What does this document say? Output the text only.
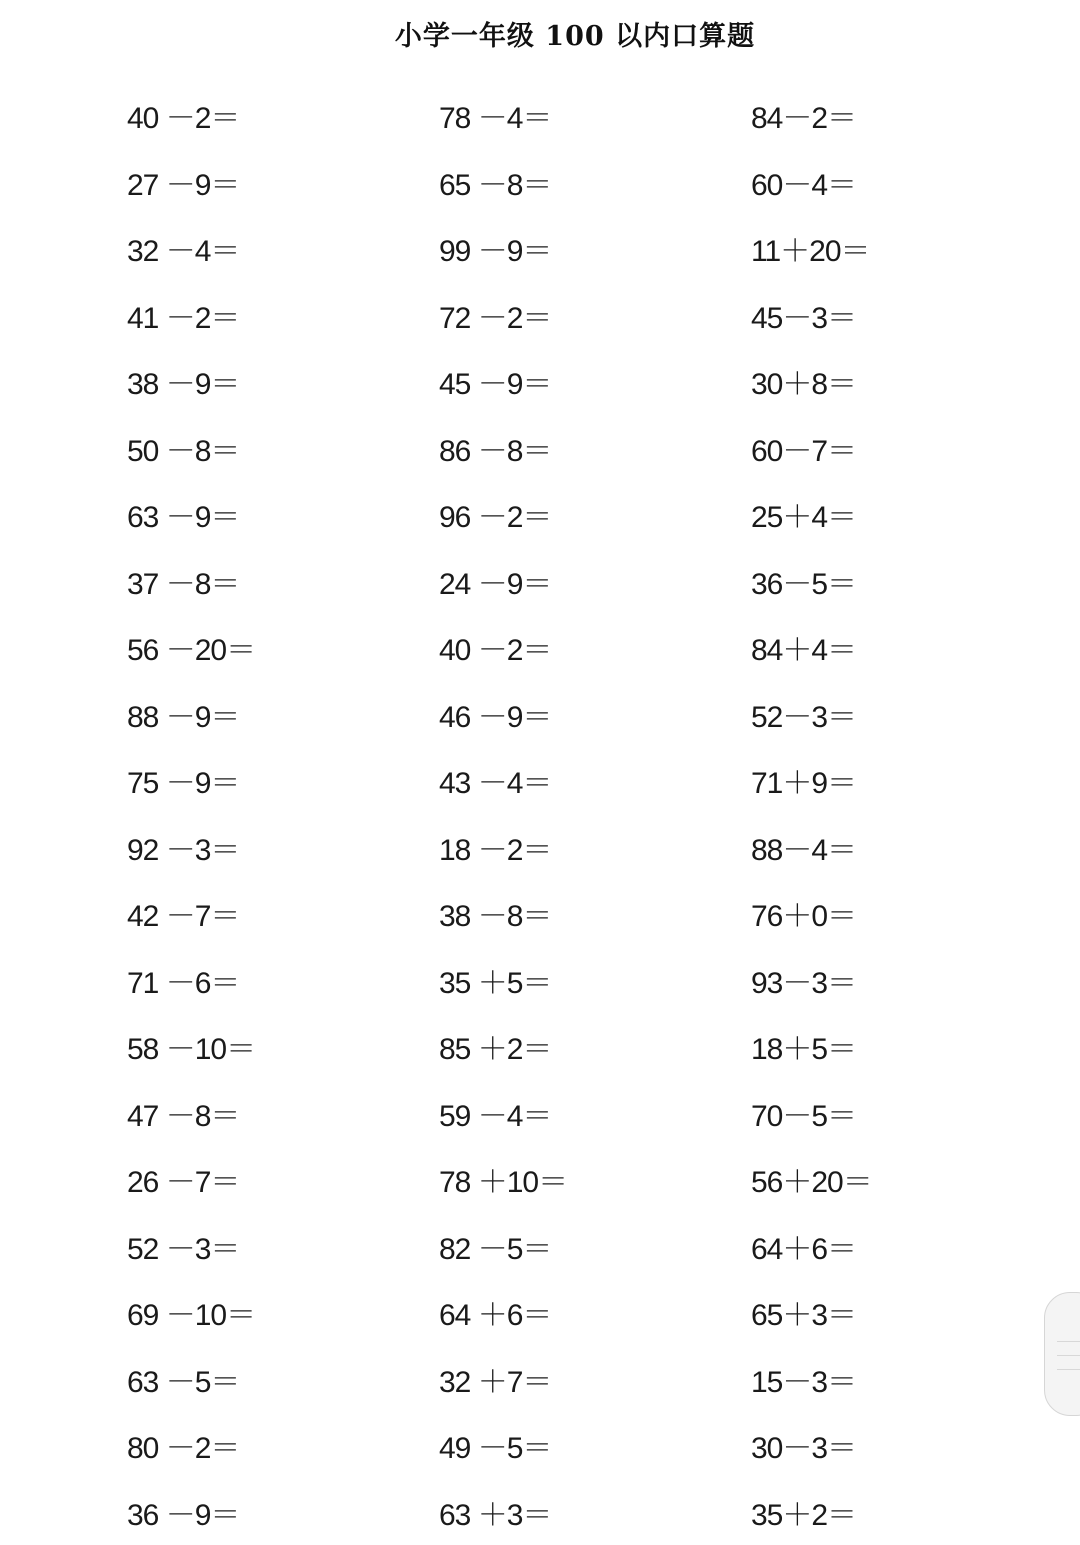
小学一年级 100 以内口算题
40 －2＝	78 －4＝	84－2＝
27 －9＝	65 －8＝	60－4＝
32 －4＝	99 －9＝	11＋20＝
41 －2＝	72 －2＝	45－3＝
38 －9＝	45 －9＝	30＋8＝
50 －8＝	86 －8＝	60－7＝
63 －9＝	96 －2＝	25＋4＝
37 －8＝	24 －9＝	36－5＝
56 －20＝	40 －2＝	84＋4＝
88 －9＝	46 －9＝	52－3＝
75 －9＝	43 －4＝	71＋9＝
92 －3＝	18 －2＝	88－4＝
42 －7＝	38 －8＝	76＋0＝
71 －6＝	35 ＋5＝	93－3＝
58 －10＝	85 ＋2＝	18＋5＝
47 －8＝	59 －4＝	70－5＝
26 －7＝	78 ＋10＝	56＋20＝
52 －3＝	82 －5＝	64＋6＝
69 －10＝	64 ＋6＝	65＋3＝
63 －5＝	32 ＋7＝	15－3＝
80 －2＝	49 －5＝	30－3＝
36 －9＝	63 ＋3＝	35＋2＝
